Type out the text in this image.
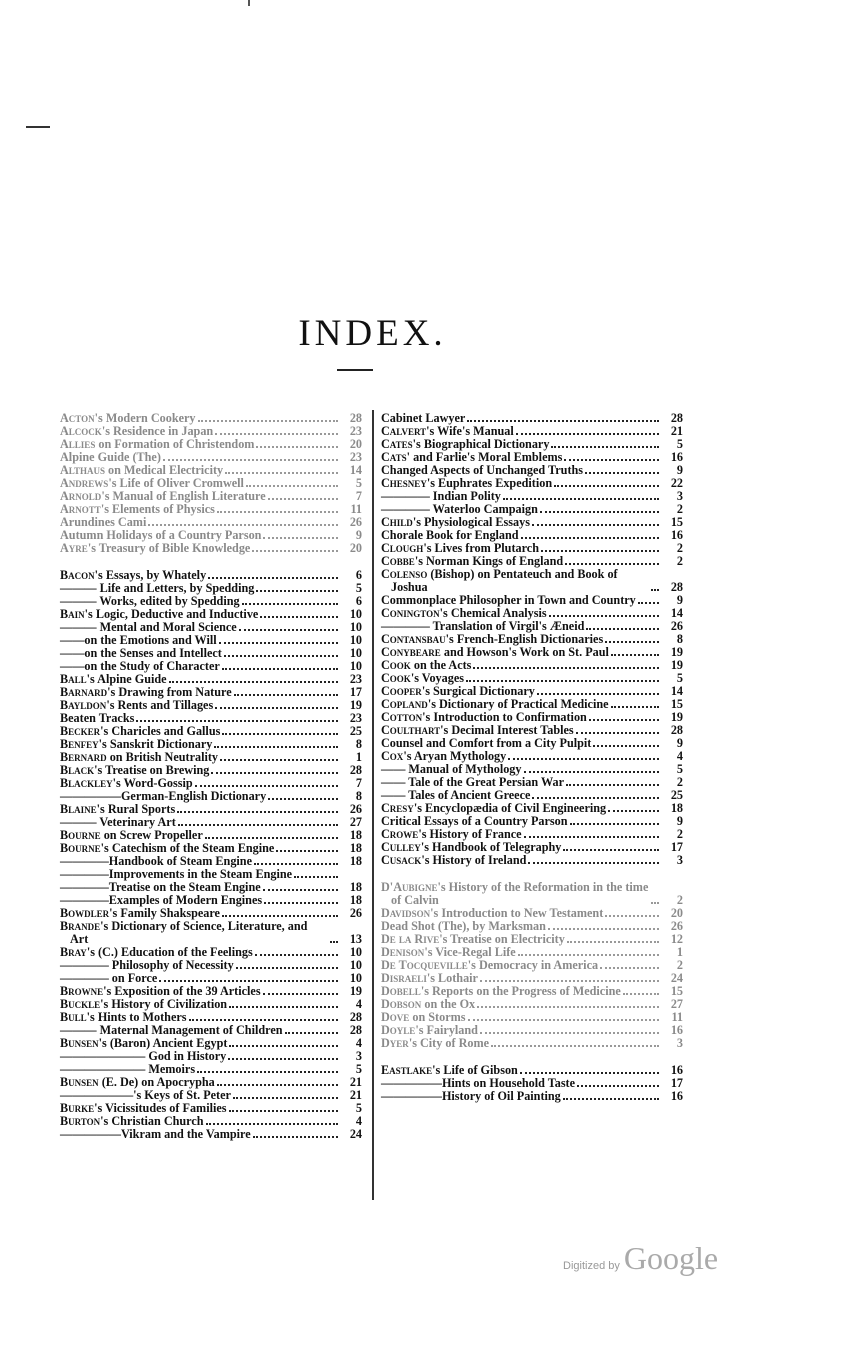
INDEX.
Acton's Modern Cookery	28
Alcock's Residence in Japan	23
Allies on Formation of Christendom	20
Alpine Guide (The)	23
Althaus on Medical Electricity	14
Andrews's Life of Oliver Cromwell	5
Arnold's Manual of English Literature	7
Arnott's Elements of Physics	11
Arundines Cami	26
Autumn Holidays of a Country Parson	9
Ayre's Treasury of Bible Knowledge	20
Bacon's Essays, by Whately	6
——— Life and Letters, by Spedding	5
——— Works, edited by Spedding	6
Bain's Logic, Deductive and Inductive	10
——— Mental and Moral Science	10
——on the Emotions and Will	10
——on the Senses and Intellect	10
——on the Study of Character	10
Ball's Alpine Guide	23
Barnard's Drawing from Nature	17
Bayldon's Rents and Tillages	19
Beaten Tracks	23
Becker's Charicles and Gallus	25
Benfey's Sanskrit Dictionary	8
Bernard on British Neutrality	1
Black's Treatise on Brewing	28
Blackley's Word-Gossip	7
—————German-English Dictionary	8
Blaine's Rural Sports	26
——— Veterinary Art	27
Bourne on Screw Propeller	18
Bourne's Catechism of the Steam Engine	18
————Handbook of Steam Engine	18
————Improvements in the Steam Engine
————Treatise on the Steam Engine	18
————Examples of Modern Engines	18
Bowdler's Family Shakspeare	26
Brande's Dictionary of Science, Literature, and Art	13
Bray's (C.) Education of the Feelings	10
———— Philosophy of Necessity	10
———— on Force	10
Browne's Exposition of the 39 Articles	19
Buckle's History of Civilization	4
Bull's Hints to Mothers	28
——— Maternal Management of Children	28
Bunsen's (Baron) Ancient Egypt	4
——————— God in History	3
——————— Memoirs	5
Bunsen (E. De) on Apocrypha	21
——————'s Keys of St. Peter	21
Burke's Vicissitudes of Families	5
Burton's Christian Church	4
—————Vikram and the Vampire	24
Cabinet Lawyer	28
Calvert's Wife's Manual	21
Cates's Biographical Dictionary	5
Cats' and Farlie's Moral Emblems	16
Changed Aspects of Unchanged Truths	9
Chesney's Euphrates Expedition	22
———— Indian Polity	3
———— Waterloo Campaign	2
Child's Physiological Essays	15
Chorale Book for England	16
Clough's Lives from Plutarch	2
Cobbe's Norman Kings of England	2
Colenso (Bishop) on Pentateuch and Book of Joshua	28
Commonplace Philosopher in Town and Country	9
Conington's Chemical Analysis	14
———— Translation of Virgil's Æneid	26
Contansbau's French-English Dictionaries	8
Conybeare and Howson's Work on St. Paul	19
Cook on the Acts	19
Cook's Voyages	5
Cooper's Surgical Dictionary	14
Copland's Dictionary of Practical Medicine	15
Cotton's Introduction to Confirmation	19
Coulthart's Decimal Interest Tables	28
Counsel and Comfort from a City Pulpit	9
Cox's Aryan Mythology	4
—— Manual of Mythology	5
—— Tale of the Great Persian War	2
—— Tales of Ancient Greece	25
Cresy's Encyclopædia of Civil Engineering	18
Critical Essays of a Country Parson	9
Crowe's History of France	2
Culley's Handbook of Telegraphy	17
Cusack's History of Ireland	3
D'Aubigne's History of the Reformation in the time of Calvin	2
Davidson's Introduction to New Testament	20
Dead Shot (The), by Marksman	26
De la Rive's Treatise on Electricity	12
Denison's Vice-Regal Life	1
De Tocqueville's Democracy in America	2
Disraeli's Lothair	24
Dobell's Reports on the Progress of Medicine	15
Dobson on the Ox	27
Dove on Storms	11
Doyle's Fairyland	16
Dyer's City of Rome	3
Eastlake's Life of Gibson	16
—————Hints on Household Taste	17
—————History of Oil Painting	16
Digitized by Google
